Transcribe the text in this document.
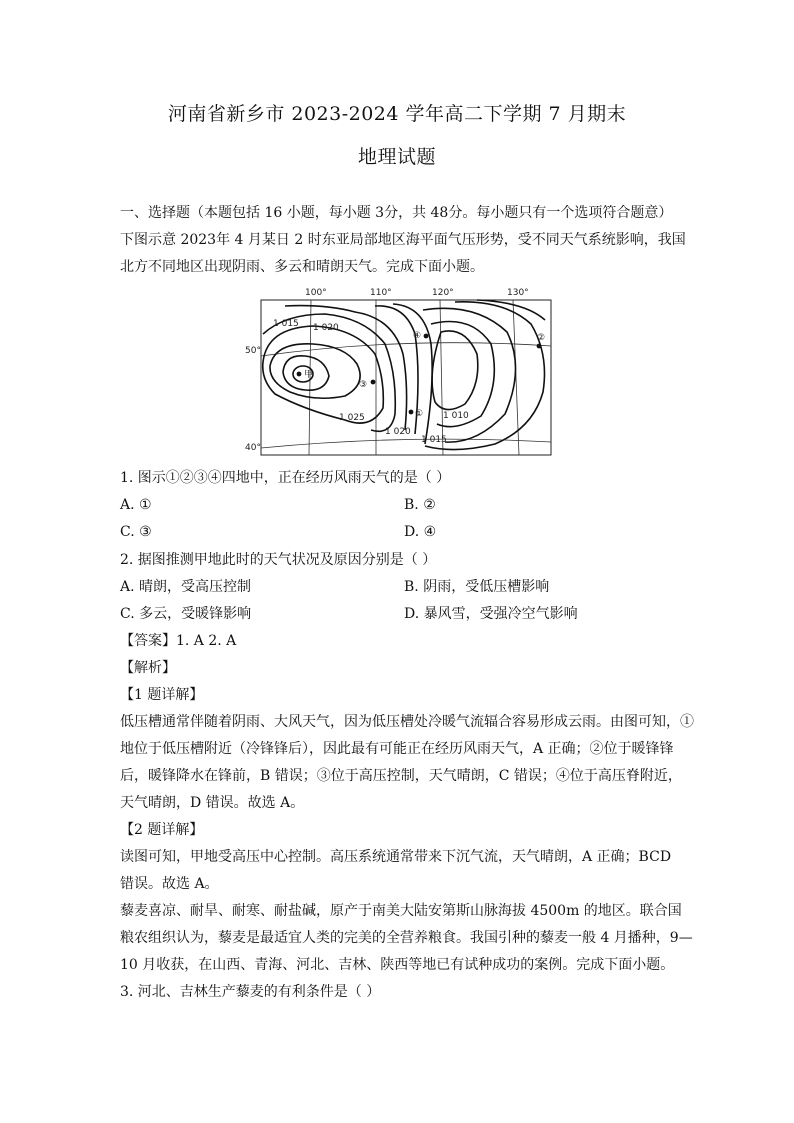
河南省新乡市 2023-2024 学年高二下学期 7 月期末
地理试题
一、选择题（本题包括 16 小题，每小题 3分，共 48分。每小题只有一个选项符合题意）
下图示意 2023年 4 月某日 2 时东亚局部地区海平面气压形势，受不同天气系统影响，我国
北方不同地区出现阴雨、多云和晴朗天气。完成下面小题。
100°	110°	120°	130°
50°
40°
1 015 1 020
1 025
1 020
1 010
1 015
甲
①
②
③
④
1. 图示①②③④四地中，正在经历风雨天气的是（ ）
A. ①	B. ②
C. ③	D. ④
2. 据图推测甲地此时的天气状况及原因分别是（ ）
A. 晴朗，受高压控制	B. 阴雨，受低压槽影响
C. 多云，受暖锋影响	D. 暴风雪，受强冷空气影响
【答案】1. A 2. A
【解析】
【1 题详解】
低压槽通常伴随着阴雨、大风天气，因为低压槽处冷暖气流辐合容易形成云雨。由图可知，①
地位于低压槽附近（冷锋锋后），因此最有可能正在经历风雨天气，A 正确；②位于暖锋锋
后，暖锋降水在锋前，B 错误；③位于高压控制，天气晴朗，C 错误；④位于高压脊附近，
天气晴朗，D 错误。故选 A。
【2 题详解】
读图可知，甲地受高压中心控制。高压系统通常带来下沉气流，天气晴朗，A 正确；BCD
错误。故选 A。
藜麦喜凉、耐旱、耐寒、耐盐碱，原产于南美大陆安第斯山脉海拔 4500m 的地区。联合国
粮农组织认为，藜麦是最适宜人类的完美的全营养粮食。我国引种的藜麦一般 4 月播种，9—
10 月收获，在山西、青海、河北、吉林、陕西等地已有试种成功的案例。完成下面小题。
3. 河北、吉林生产藜麦的有利条件是（ ）
